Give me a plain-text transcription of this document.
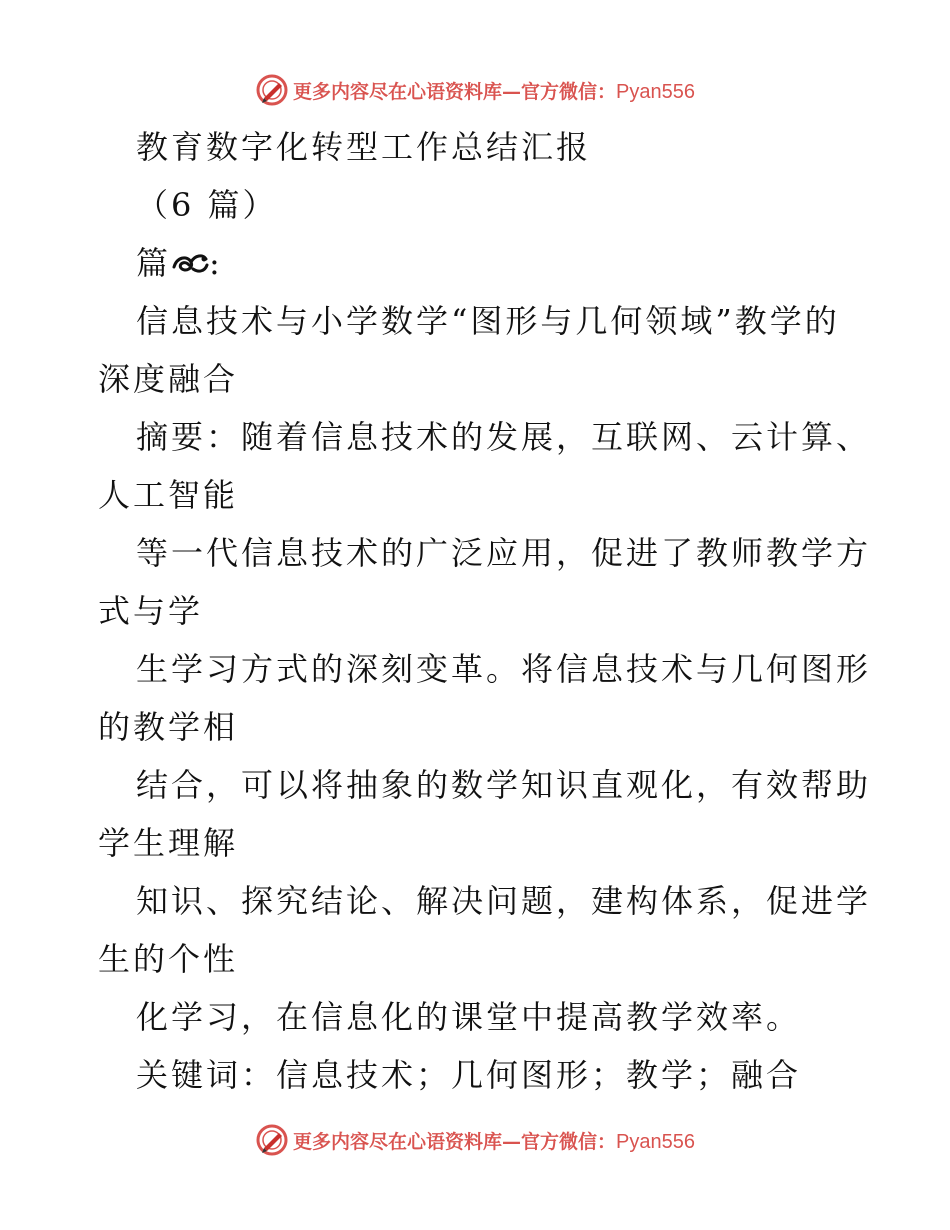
更多内容尽在心语资料库—官方微信：Pyan556

教育数字化转型工作总结汇报

（6 篇）

篇 :

信息技术与小学数学“图形与几何领域”教学的

深度融合

摘要：随着信息技术的发展，互联网、云计算、

人工智能

等一代信息技术的广泛应用，促进了教师教学方

式与学

生学习方式的深刻变革。将信息技术与几何图形

的教学相

结合，可以将抽象的数学知识直观化，有效帮助

学生理解

知识、探究结论、解决问题，建构体系，促进学

生的个性

化学习，在信息化的课堂中提高教学效率。

关键词：信息技术；几何图形；教学；融合

更多内容尽在心语资料库—官方微信：Pyan556
